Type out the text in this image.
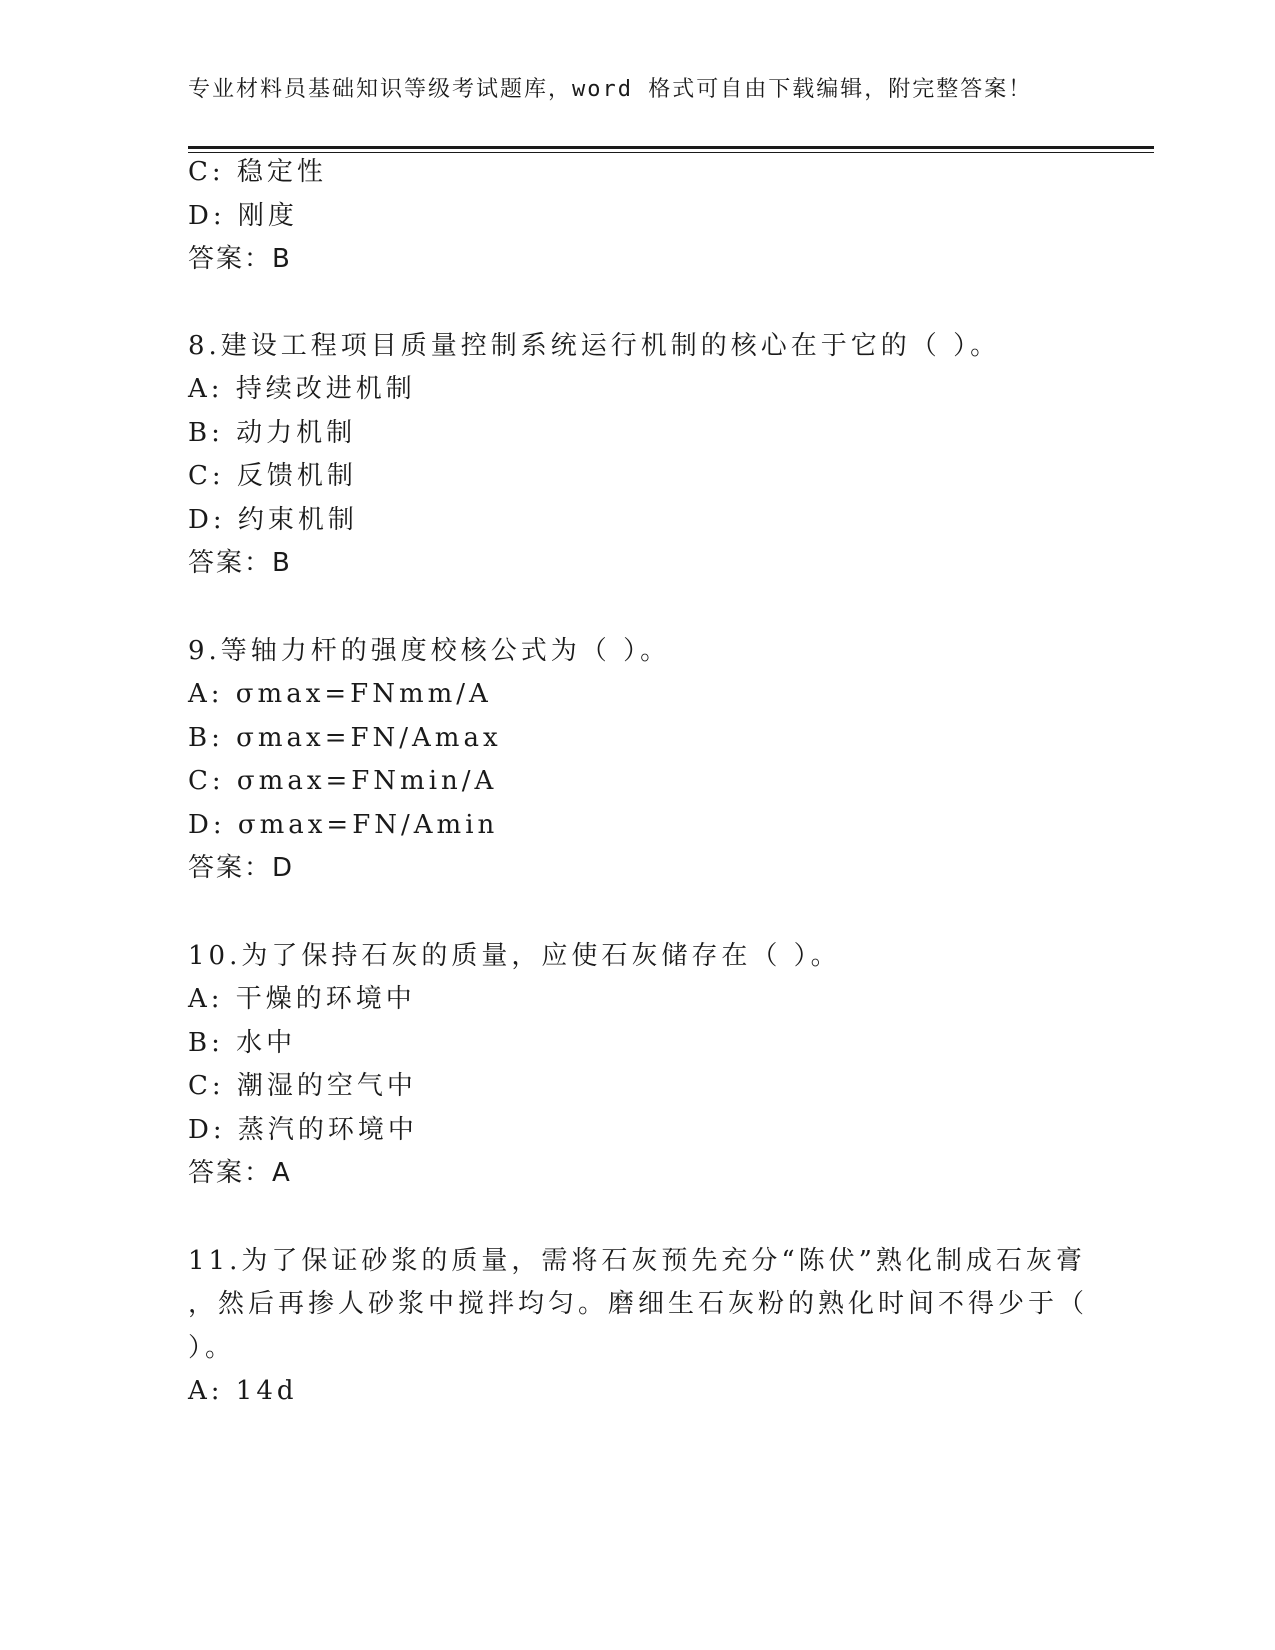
专业材料员基础知识等级考试题库，word 格式可自由下载编辑，附完整答案！
C: 稳定性
D: 刚度
答案：B
8.建设工程项目质量控制系统运行机制的核心在于它的（ ）。
A: 持续改进机制
B: 动力机制
C: 反馈机制
D: 约束机制
答案：B
9.等轴力杆的强度校核公式为（ ）。
A: σmax=FNmm/A
B: σmax=FN/Amax
C: σmax=FNmin/A
D: σmax=FN/Amin
答案：D
10.为了保持石灰的质量，应使石灰储存在（ ）。
A: 干燥的环境中
B: 水中
C: 潮湿的空气中
D: 蒸汽的环境中
答案：A
11.为了保证砂浆的质量，需将石灰预先充分“陈伏”熟化制成石灰膏
，然后再掺人砂浆中搅拌均匀。磨细生石灰粉的熟化时间不得少于（
）。
A: 14d
